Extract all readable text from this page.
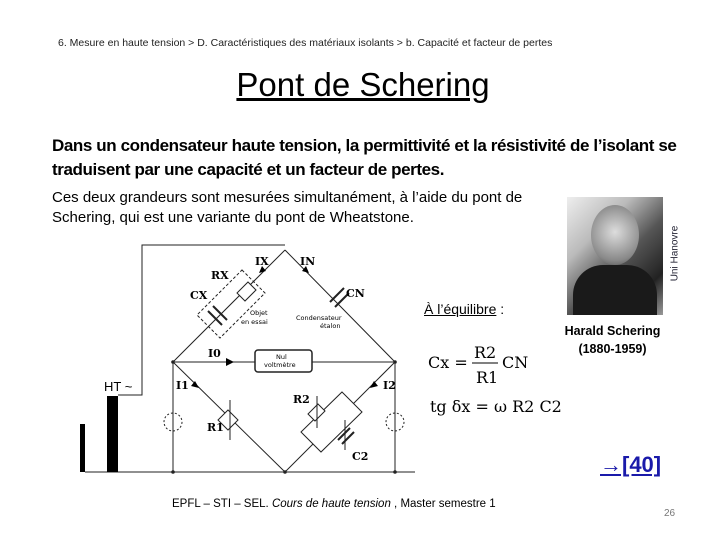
6. Mesure en haute tension > D. Caractéristiques des matériaux isolants > b. Capacité et facteur de pertes
Pont de Schering
Dans un condensateur haute tension, la permittivité et la résistivité de l’isolant se traduisent par une capacité et un facteur de pertes.
Ces deux grandeurs sont mesurées simultanément, à l’aide du pont de Schering, qui est une variante du pont de Wheatstone.
Uni Hanovre
Harald Schering
(1880-1959)
À l’équilibre :
IX	IN
RX
CX	CN
I0
I1	I2
R1
R2
C2
HT ~
Objet
en essai	Condensateur
étalon
Nul
voltmètre	Cx =
R2
R1
CN
tg δx = ω R2 C2
→[40]
EPFL – STI – SEL. Cours de haute tension , Master semestre 1
26
